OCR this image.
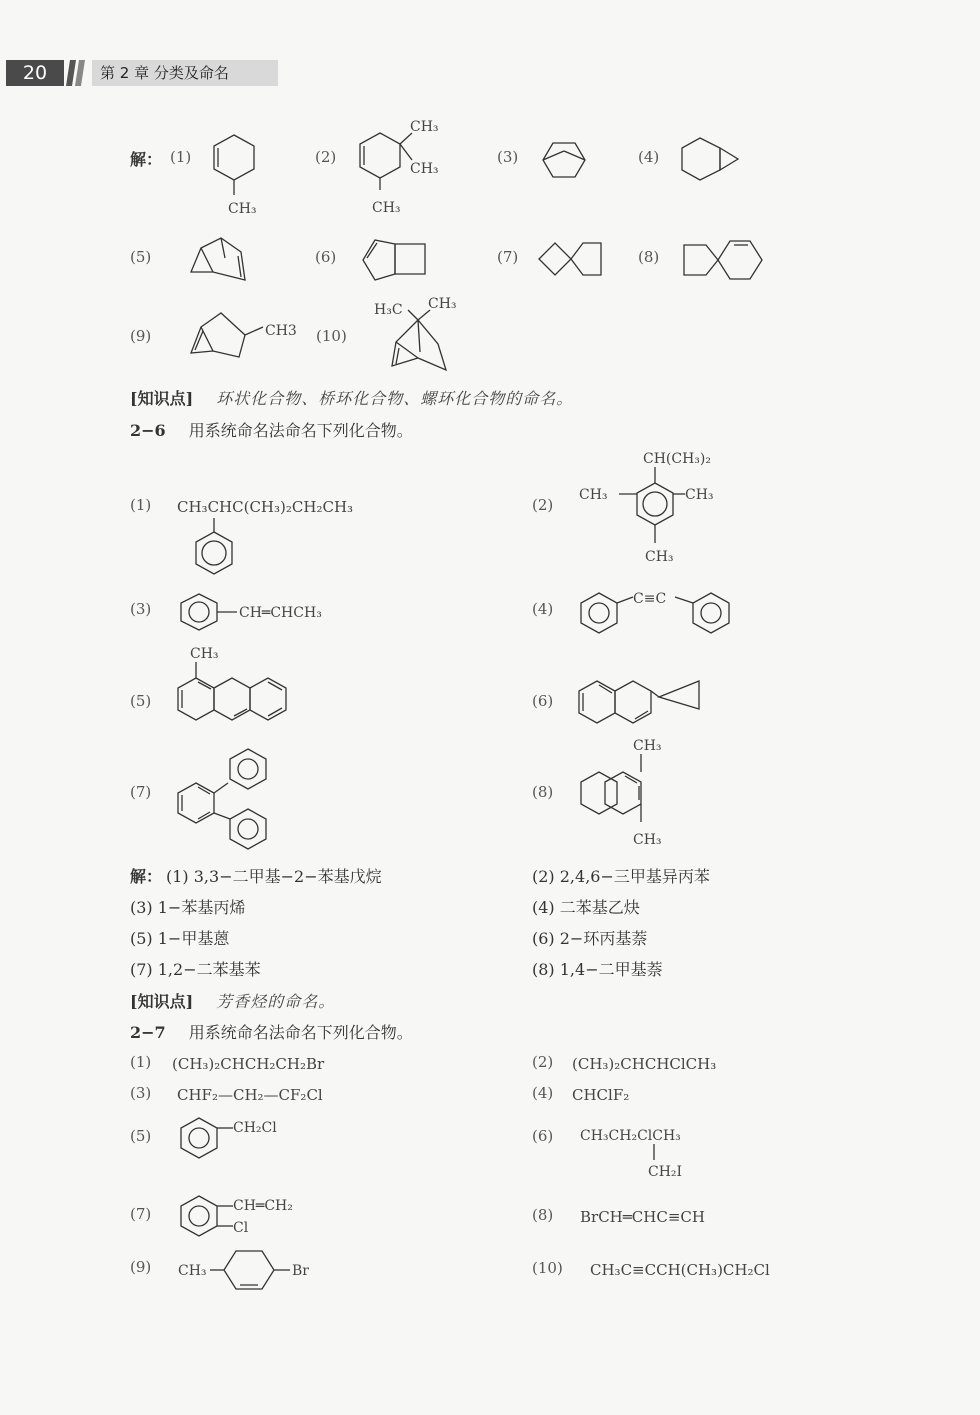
20	第 2 章 分类及命名
解： (1)
CH₃
(2)
CH₃
CH₃
CH₃
(3)	(4)
(5)	(6)	(7)	(8)
(9)	CH3 (10)
H₃C CH₃
[知识点] 环状化合物、桥环化合物、螺环化合物的命名。
2−6 用系统命名法命名下列化合物。
(1) CH₃CHC(CH₃)₂CH₂CH₃	(2)
CH(CH₃)₂
CH₃	CH₃
CH₃
(3)	CH═CHCH₃	(4)
C≡C
(5)
CH₃
(6)
(7)	(8)
CH₃
CH₃
解： (1) 3,3−二甲基−2−苯基戊烷	(2) 2,4,6−三甲基异丙苯
(3) 1−苯基丙烯	(4) 二苯基乙炔
(5) 1−甲基蒽	(6) 2−环丙基萘
(7) 1,2−二苯基苯	(8) 1,4−二甲基萘
[知识点] 芳香烃的命名。
2−7 用系统命名法命名下列化合物。
(1) (CH₃)₂CHCH₂CH₂Br	(2) (CH₃)₂CHCHClCH₃
(3) CHF₂—CH₂—CF₂Cl	(4) CHClF₂
(5)	CH₂Cl	(6) CH₃CH₂ClCH₃
CH₂I
(7)	CH═CH₂
Cl
(8) BrCH═CHC≡CH
(9) CH₃	Br	(10) CH₃C≡CCH(CH₃)CH₂Cl
